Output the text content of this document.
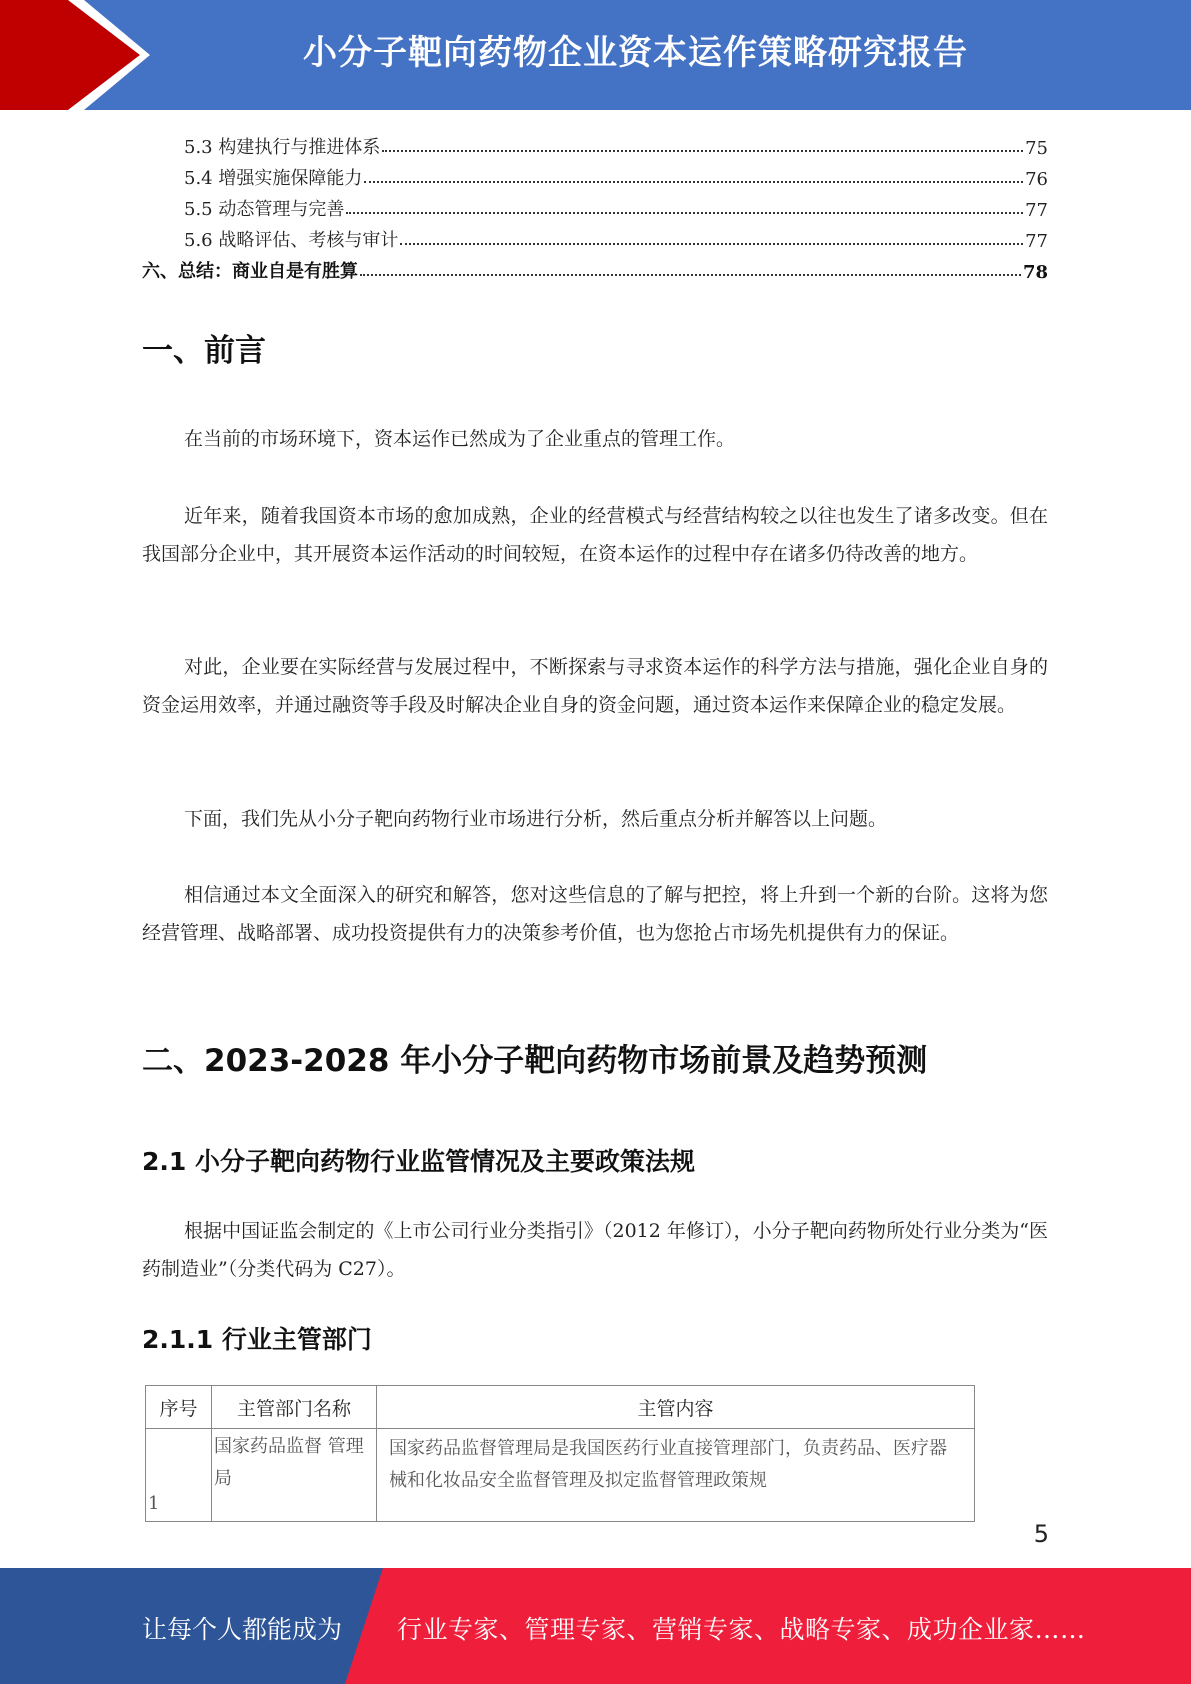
小分子靶向药物企业资本运作策略研究报告
5.3 构建执行与推进体系	75
5.4 增强实施保障能力	76
5.5 动态管理与完善	77
5.6 战略评估、考核与审计	77
六、总结：商业自是有胜算	78
一、前言
在当前的市场环境下，资本运作已然成为了企业重点的管理工作。
近年来，随着我国资本市场的愈加成熟，企业的经营模式与经营结构较之以往也发生了诸多改变。但在我国部分企业中，其开展资本运作活动的时间较短，在资本运作的过程中存在诸多仍待改善的地方。
对此，企业要在实际经营与发展过程中，不断探索与寻求资本运作的科学方法与措施，强化企业自身的资金运用效率，并通过融资等手段及时解决企业自身的资金问题，通过资本运作来保障企业的稳定发展。
下面，我们先从小分子靶向药物行业市场进行分析，然后重点分析并解答以上问题。
相信通过本文全面深入的研究和解答，您对这些信息的了解与把控，将上升到一个新的台阶。这将为您经营管理、战略部署、成功投资提供有力的决策参考价值，也为您抢占市场先机提供有力的保证。
二、2023-2028 年小分子靶向药物市场前景及趋势预测
2.1 小分子靶向药物行业监管情况及主要政策法规
根据中国证监会制定的《上市公司行业分类指引》（2012 年修订），小分子靶向药物所处行业分类为“医药制造业”（分类代码为 C27）。
2.1.1 行业主管部门
序号	主管部门名称	主管内容
1	国家药品监督 管理局	国家药品监督管理局是我国医药行业直接管理部门，负责药品、医疗器械和化妆品安全监督管理及拟定监督管理政策规
5
让每个人都能成为 行业专家、管理专家、营销专家、战略专家、成功企业家……
